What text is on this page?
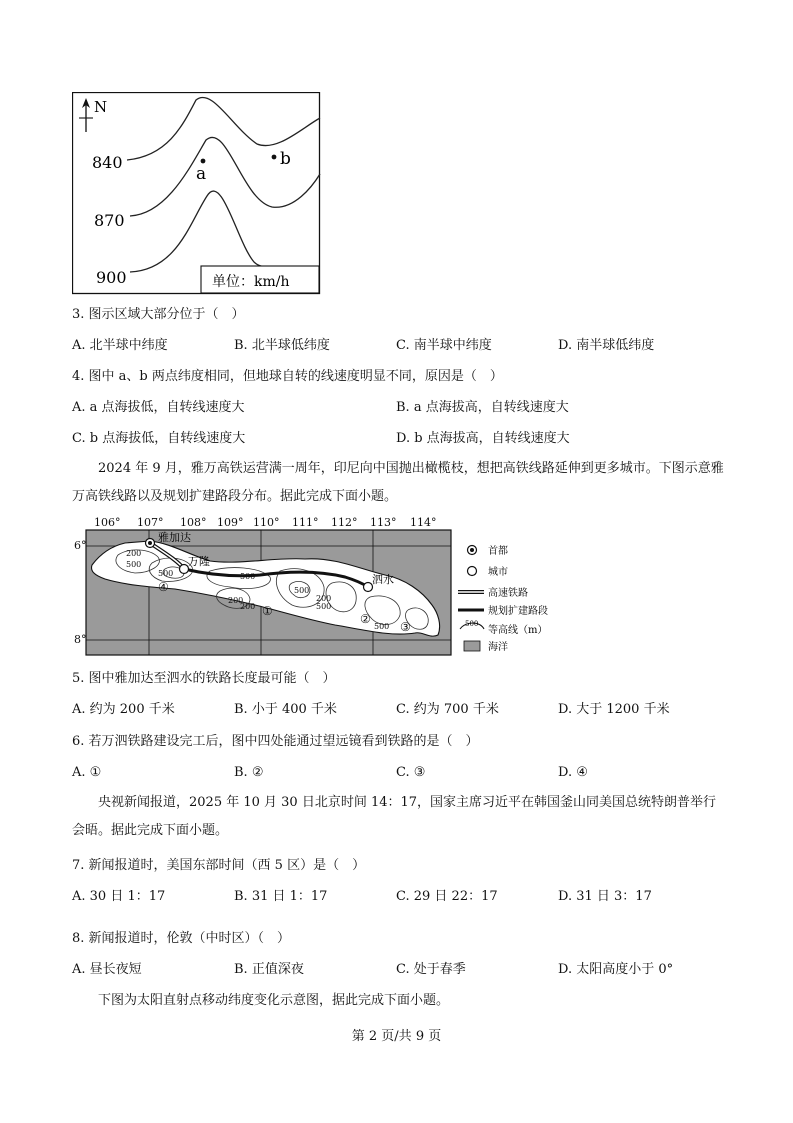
N
840
870
900
a
b
单位：km/h
3. 图示区域大部分位于（　）
A. 北半球中纬度	B. 北半球低纬度	C. 南半球中纬度	D. 南半球低纬度
4. 图中 a、b 两点纬度相同，但地球自转的线速度明显不同，原因是（　）
A. a 点海拔低，自转线速度大	B. a 点海拔高，自转线速度大
C. b 点海拔低，自转线速度大	D. b 点海拔高，自转线速度大
2024 年 9 月，雅万高铁运营满一周年，印尼向中国抛出橄榄枝，想把高铁线路延伸到更多城市。下图示意雅万高铁线路以及规划扩建路段分布。据此完成下面小题。
106° 107° 108° 109° 110° 111° 112° 113° 114°
6°
8°
雅加达
万隆
泗水
200
500
500	500
200
200
500
200
500
500
④
①
②
③
首都
城市
高速铁路
规划扩建路段
500
等高线（m）
海洋
5. 图中雅加达至泗水的铁路长度最可能（　）
A. 约为 200 千米	B. 小于 400 千米	C. 约为 700 千米	D. 大于 1200 千米
6. 若万泗铁路建设完工后，图中四处能通过望远镜看到铁路的是（　）
A. ①	B. ②	C. ③	D. ④
央视新闻报道，2025 年 10 月 30 日北京时间 14：17，国家主席习近平在韩国釜山同美国总统特朗普举行会晤。据此完成下面小题。
7. 新闻报道时，美国东部时间（西 5 区）是（　）
A. 30 日 1：17	B. 31 日 1：17	C. 29 日 22：17	D. 31 日 3：17
8. 新闻报道时，伦敦（中时区）（　）
A. 昼长夜短	B. 正值深夜	C. 处于春季	D. 太阳高度小于 0°
下图为太阳直射点移动纬度变化示意图，据此完成下面小题。
第 2 页/共 9 页
